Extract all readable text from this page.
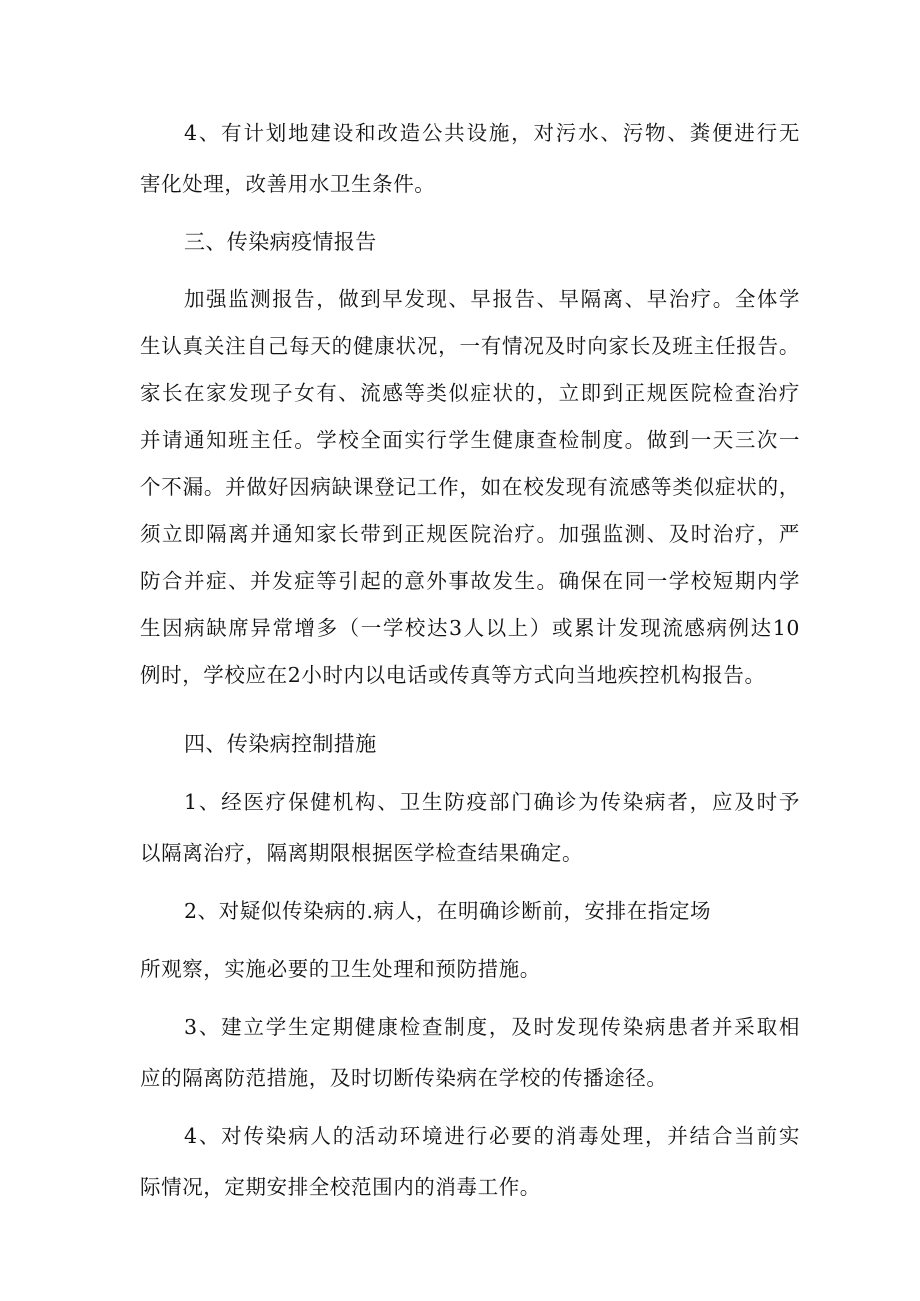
4、有计划地建设和改造公共设施，对污水、污物、粪便进行无
害化处理，改善用水卫生条件。
三、传染病疫情报告
加强监测报告，做到早发现、早报告、早隔离、早治疗。全体学
生认真关注自己每天的健康状况，一有情况及时向家长及班主任报告。
家长在家发现子女有、流感等类似症状的，立即到正规医院检查治疗
并请通知班主任。学校全面实行学生健康查检制度。做到一天三次一
个不漏。并做好因病缺课登记工作，如在校发现有流感等类似症状的，
须立即隔离并通知家长带到正规医院治疗。加强监测、及时治疗，严
防合并症、并发症等引起的意外事故发生。确保在同一学校短期内学
生因病缺席异常增多（一学校达3人以上）或累计发现流感病例达10
例时，学校应在2小时内以电话或传真等方式向当地疾控机构报告。
四、传染病控制措施
1、经医疗保健机构、卫生防疫部门确诊为传染病者，应及时予
以隔离治疗，隔离期限根据医学检查结果确定。
2、对疑似传染病的.病人，在明确诊断前，安排在指定场
所观察，实施必要的卫生处理和预防措施。
3、建立学生定期健康检查制度，及时发现传染病患者并采取相
应的隔离防范措施，及时切断传染病在学校的传播途径。
4、对传染病人的活动环境进行必要的消毒处理，并结合当前实
际情况，定期安排全校范围内的消毒工作。
